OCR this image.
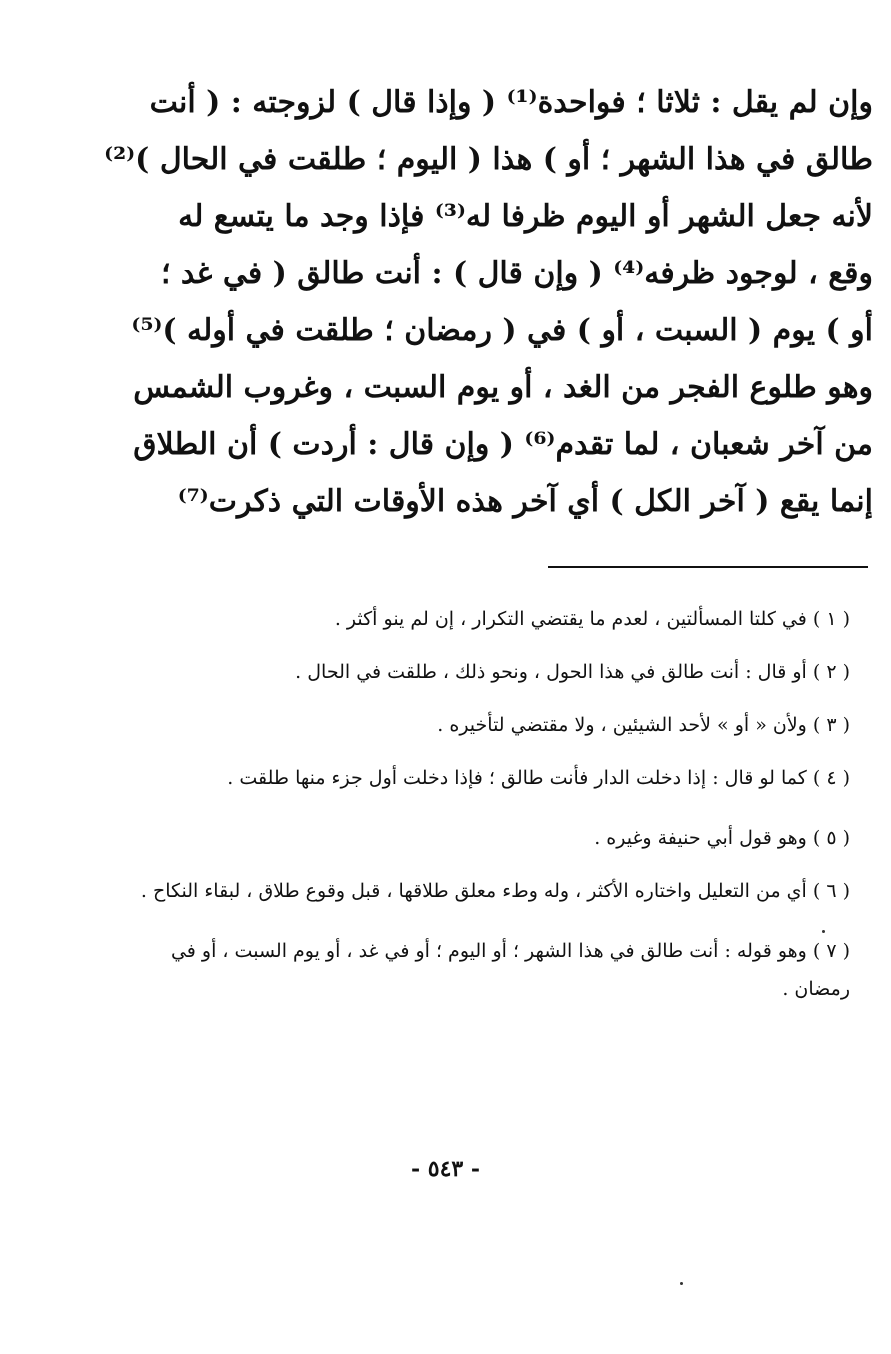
وإن لم يقل : ثلاثا ؛ فواحدة⁽¹⁾ ( وإذا قال ) لزوجته : ( أنت
طالق في هذا الشهر ؛ أو ) هذا ( اليوم ؛ طلقت في الحال )⁽²⁾
لأنه جعل الشهر أو اليوم ظرفا له⁽³⁾ فإذا وجد ما يتسع له
وقع ، لوجود ظرفه⁽⁴⁾ ( وإن قال ) : أنت طالق ( في غد ؛
أو ) يوم ( السبت ، أو ) في ( رمضان ؛ طلقت في أوله )⁽⁵⁾
وهو طلوع الفجر من الغد ، أو يوم السبت ، وغروب الشمس
من آخر شعبان ، لما تقدم⁽⁶⁾ ( وإن قال : أردت ) أن الطلاق
إنما يقع ( آخر الكل ) أي آخر هذه الأوقات التي ذكرت⁽⁷⁾
( ١ ) في كلتا المسألتين ، لعدم ما يقتضي التكرار ، إن لم ينو أكثر .
( ٢ ) أو قال : أنت طالق في هذا الحول ، ونحو ذلك ، طلقت في الحال .
( ٣ ) ولأن « أو » لأحد الشيئين ، ولا مقتضي لتأخيره .
( ٤ ) كما لو قال : إذا دخلت الدار فأنت طالق ؛ فإذا دخلت أول جزء منها طلقت .
( ٥ ) وهو قول أبي حنيفة وغيره .
( ٦ ) أي من التعليل واختاره الأكثر ، وله وطء معلق طلاقها ، قبل وقوع طلاق ، لبقاء النكاح .
( ٧ ) وهو قوله : أنت طالق في هذا الشهر ؛ أو اليوم ؛ أو في غد ، أو يوم السبت ، أو في رمضان .
- ٥٤٣ -
